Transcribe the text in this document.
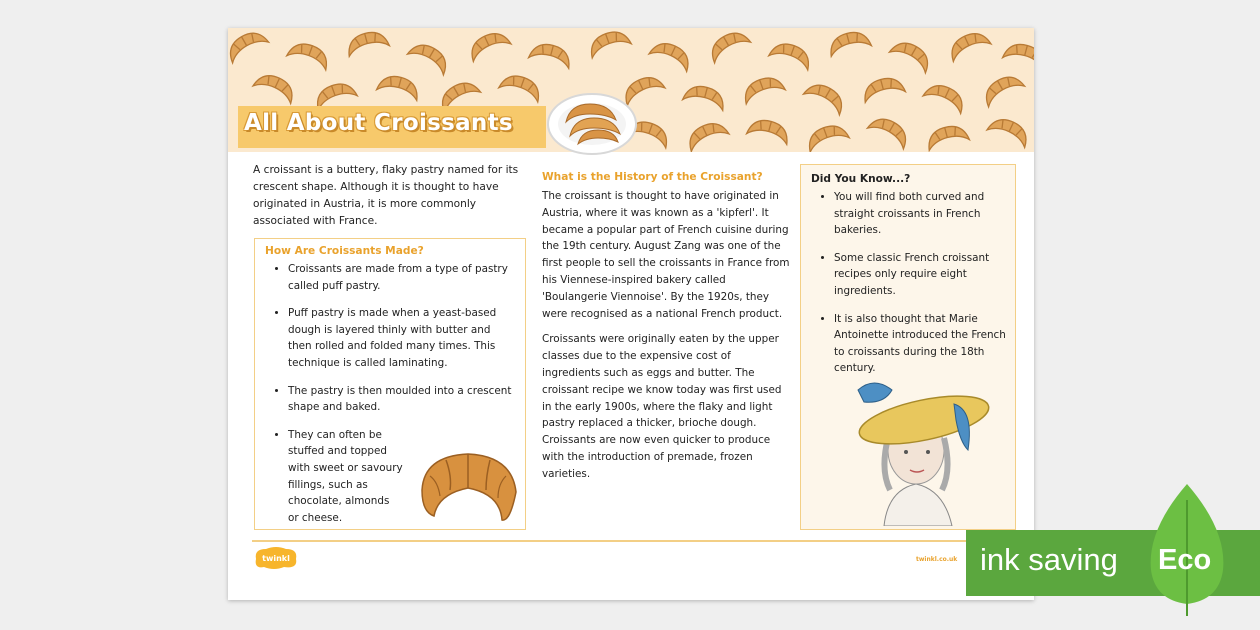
All About Croissants

A croissant is a buttery, flaky pastry named for its crescent shape. Although it is thought to have originated in Austria, it is more commonly associated with France.

How Are Croissants Made?
• Croissants are made from a type of pastry called puff pastry.
• Puff pastry is made when a yeast-based dough is layered thinly with butter and then rolled and folded many times. This technique is called laminating.
• The pastry is then moulded into a crescent shape and baked.
• They can often be stuffed and topped with sweet or savoury fillings, such as chocolate, almonds or cheese.
What is the History of the Croissant?

The croissant is thought to have originated in Austria, where it was known as a 'kipferl'. It became a popular part of French cuisine during the 19th century. August Zang was one of the first people to sell the croissants in France from his Viennese-inspired bakery called 'Boulangerie Viennoise'. By the 1920s, they were recognised as a national French product.

Croissants were originally eaten by the upper classes due to the expensive cost of ingredients such as eggs and butter. The croissant recipe we know today was first used in the early 1900s, where the flaky and light pastry replaced a thicker, brioche dough. Croissants are now even quicker to produce with the introduction of premade, frozen varieties.

Did You Know...?
• You will find both curved and straight croissants in French bakeries.
• Some classic French croissant recipes only require eight ingredients.
• It is also thought that Marie Antoinette introduced the French to croissants during the 18th century.
twinkl	twinkl.co.uk ink saving Eco
